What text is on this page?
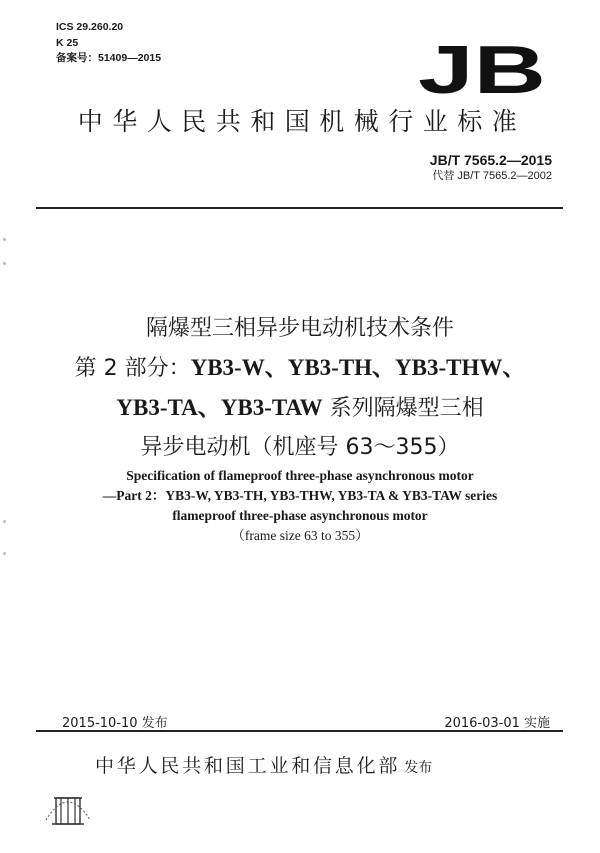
ICS 29.260.20
K 25
备案号：51409—2015	JB
中华人民共和国机械行业标准
JB/T 7565.2—2015
代替 JB/T 7565.2—2002
隔爆型三相异步电动机技术条件
第 2 部分：YB3-W、YB3-TH、YB3-THW、
YB3-TA、YB3-TAW 系列隔爆型三相
异步电动机（机座号 63～355）
Specification of flameproof three-phase asynchronous motor
—Part 2：YB3-W, YB3-TH, YB3-THW, YB3-TA & YB3-TAW series
flameproof three-phase asynchronous motor
（frame size 63 to 355）
2015-10-10 发布	2016-03-01 实施
中华人民共和国工业和信息化部 发布
